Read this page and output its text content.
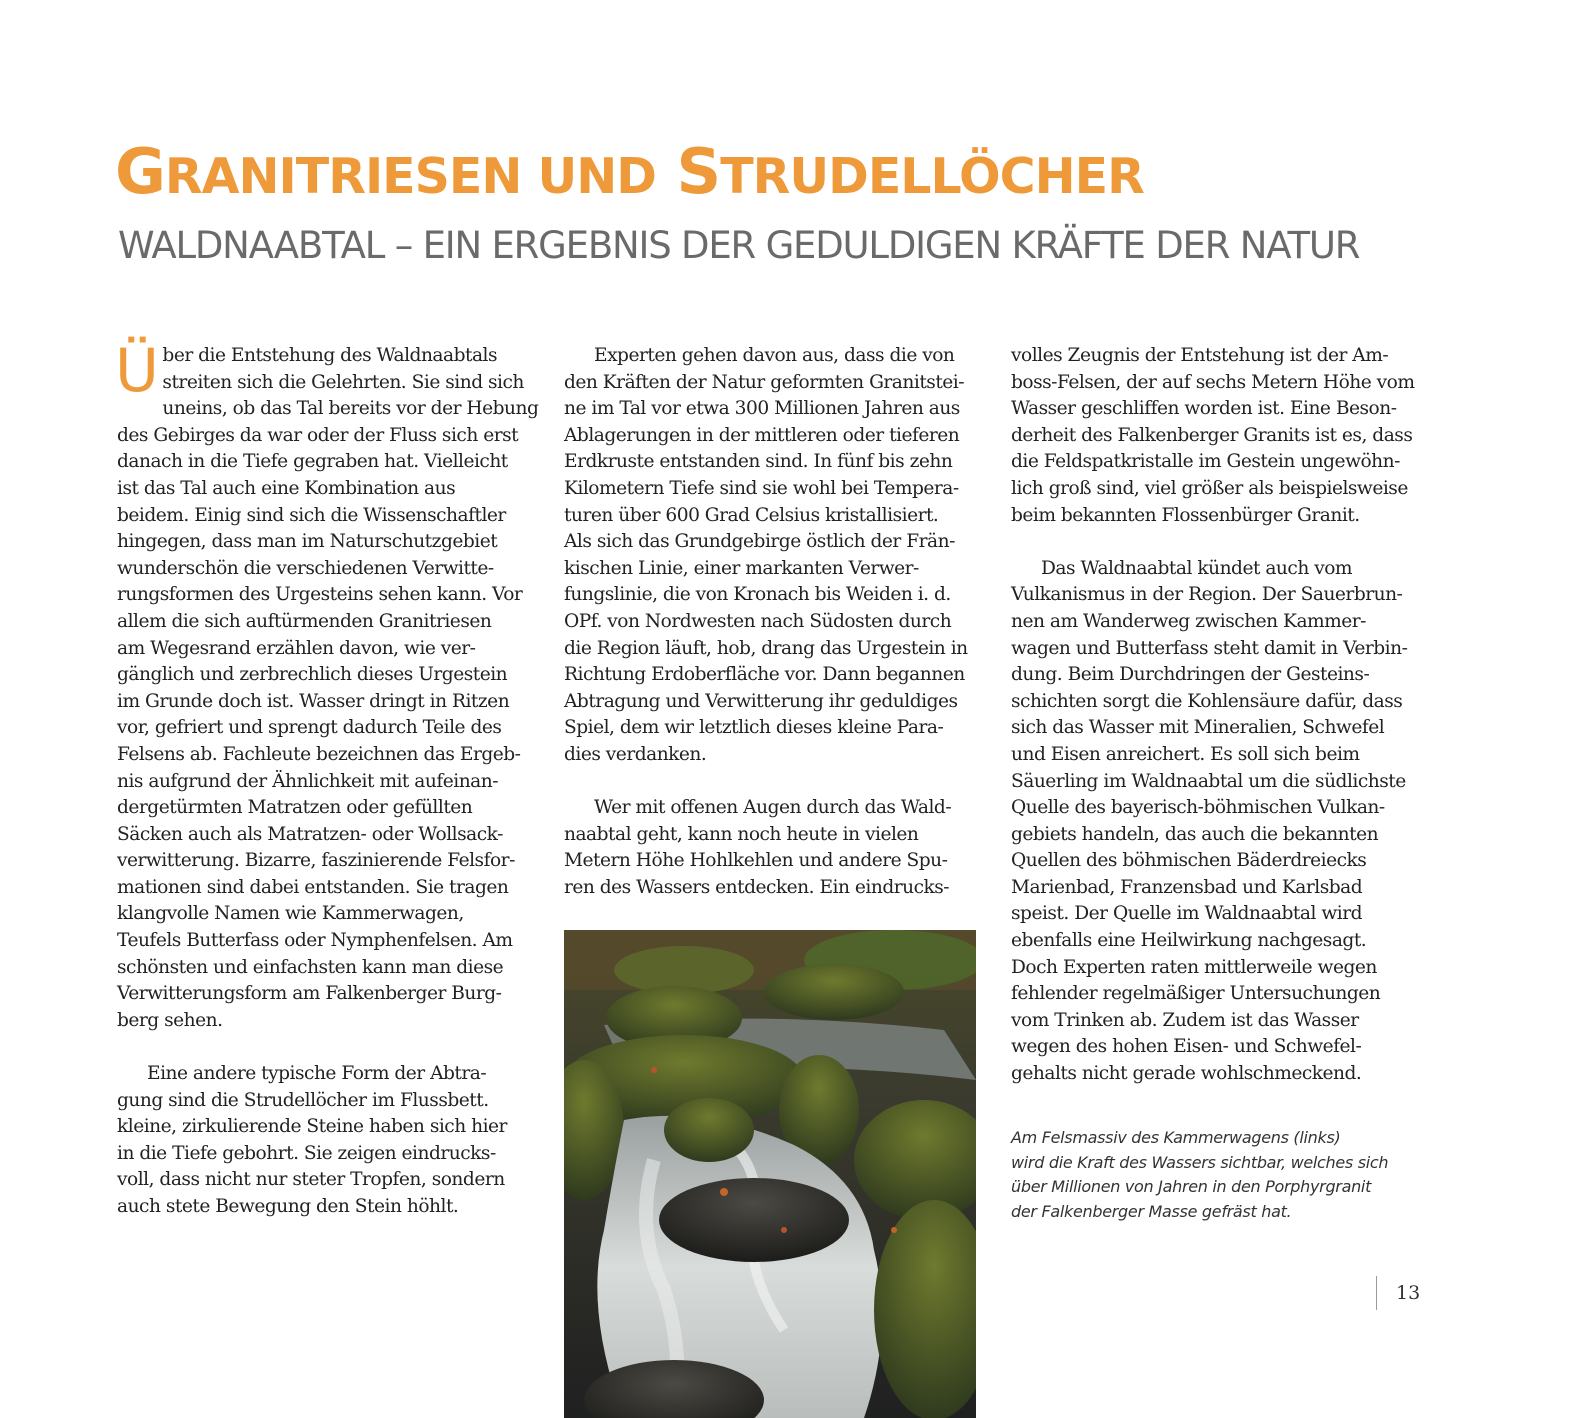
GRANITRIESEN UND STRUDELLÖCHER
WALDNAABTAL – EIN ERGEBNIS DER GEDULDIGEN KRÄFTE DER NATUR
Ü ber die Entstehung des Waldnaabtals
streiten sich die Gelehrten. Sie sind sich
uneins, ob das Tal bereits vor der Hebung
des Gebirges da war oder der Fluss sich erst
danach in die Tiefe gegraben hat. Vielleicht
ist das Tal auch eine Kombination aus
beidem. Einig sind sich die Wissenschaftler
hingegen, dass man im Naturschutzgebiet
wunderschön die verschiedenen Verwitte-
rungsformen des Urgesteins sehen kann. Vor
allem die sich auftürmenden Granitriesen
am Wegesrand erzählen davon, wie ver-
gänglich und zerbrechlich dieses Urgestein
im Grunde doch ist. Wasser dringt in Ritzen
vor, gefriert und sprengt dadurch Teile des
Felsens ab. Fachleute bezeichnen das Ergeb-
nis aufgrund der Ähnlichkeit mit aufeinan-
dergetürmten Matratzen oder gefüllten
Säcken auch als Matratzen- oder Wollsack-
verwitterung. Bizarre, faszinierende Felsfor-
mationen sind dabei entstanden. Sie tragen
klangvolle Namen wie Kammerwagen,
Teufels Butterfass oder Nymphenfelsen. Am
schönsten und einfachsten kann man diese
Verwitterungsform am Falkenberger Burg-
berg sehen.
Eine andere typische Form der Abtra-
gung sind die Strudellöcher im Flussbett.
kleine, zirkulierende Steine haben sich hier
in die Tiefe gebohrt. Sie zeigen eindrucks-
voll, dass nicht nur steter Tropfen, sondern
auch stete Bewegung den Stein höhlt.
Experten gehen davon aus, dass die von
den Kräften der Natur geformten Granitstei-
ne im Tal vor etwa 300 Millionen Jahren aus
Ablagerungen in der mittleren oder tieferen
Erdkruste entstanden sind. In fünf bis zehn
Kilometern Tiefe sind sie wohl bei Tempera-
turen über 600 Grad Celsius kristallisiert.
Als sich das Grundgebirge östlich der Frän-
kischen Linie, einer markanten Verwer-
fungslinie, die von Kronach bis Weiden i. d.
OPf. von Nordwesten nach Südosten durch
die Region läuft, hob, drang das Urgestein in
Richtung Erdoberfläche vor. Dann begannen
Abtragung und Verwitterung ihr geduldiges
Spiel, dem wir letztlich dieses kleine Para-
dies verdanken.
Wer mit offenen Augen durch das Wald-
naabtal geht, kann noch heute in vielen
Metern Höhe Hohlkehlen und andere Spu-
ren des Wassers entdecken. Ein eindrucks-
volles Zeugnis der Entstehung ist der Am-
boss-Felsen, der auf sechs Metern Höhe vom
Wasser geschliffen worden ist. Eine Beson-
derheit des Falkenberger Granits ist es, dass
die Feldspatkristalle im Gestein ungewöhn-
lich groß sind, viel größer als beispielsweise
beim bekannten Flossenbürger Granit.
Das Waldnaabtal kündet auch vom
Vulkanismus in der Region. Der Sauerbrun-
nen am Wanderweg zwischen Kammer-
wagen und Butterfass steht damit in Verbin-
dung. Beim Durchdringen der Gesteins-
schichten sorgt die Kohlensäure dafür, dass
sich das Wasser mit Mineralien, Schwefel
und Eisen anreichert. Es soll sich beim
Säuerling im Waldnaabtal um die südlichste
Quelle des bayerisch-böhmischen Vulkan-
gebiets handeln, das auch die bekannten
Quellen des böhmischen Bäderdreiecks
Marienbad, Franzensbad und Karlsbad
speist. Der Quelle im Waldnaabtal wird
ebenfalls eine Heilwirkung nachgesagt.
Doch Experten raten mittlerweile wegen
fehlender regelmäßiger Untersuchungen
vom Trinken ab. Zudem ist das Wasser
wegen des hohen Eisen- und Schwefel-
gehalts nicht gerade wohlschmeckend.
Am Felsmassiv des Kammerwagens (links)
wird die Kraft des Wassers sichtbar, welches sich
über Millionen von Jahren in den Porphyrgranit
der Falkenberger Masse gefräst hat.
13
